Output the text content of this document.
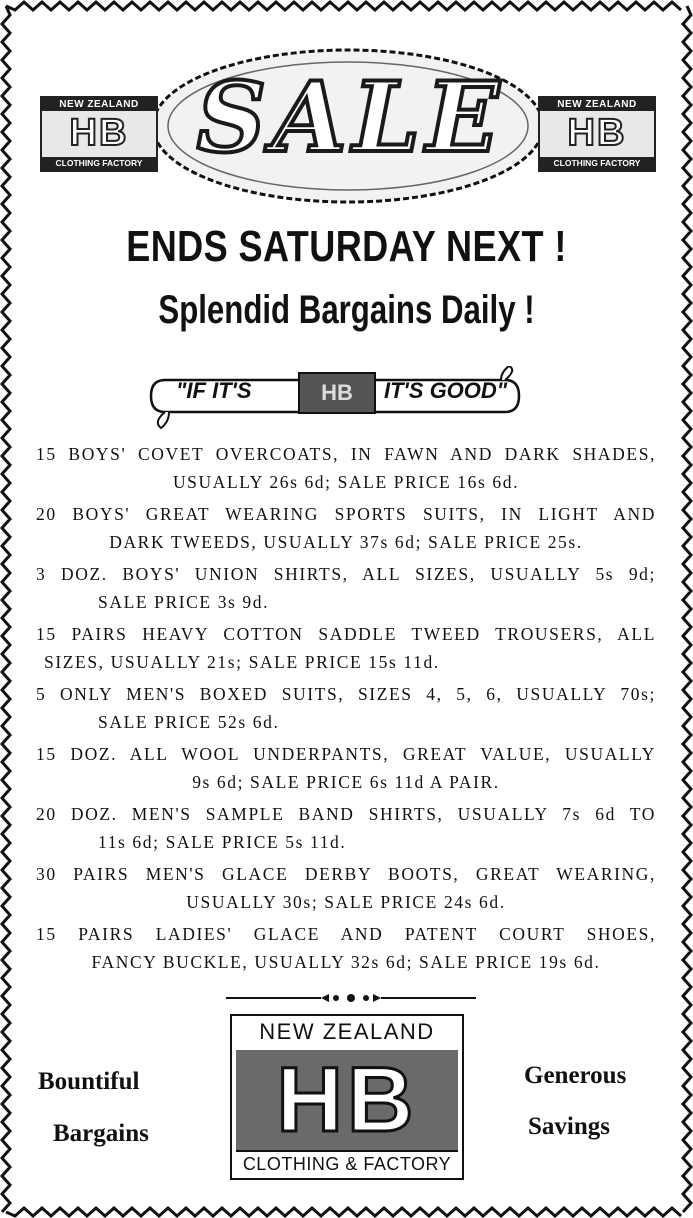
NEW ZEALAND
HB
CLOTHING FACTORY
NEW ZEALAND
HB
CLOTHING FACTORY
SALE
ENDS SATURDAY NEXT !
Splendid Bargains Daily !
"IF IT'S	HB	IT'S GOOD"
15 BOYS' COVET OVERCOATS, IN FAWN AND DARK SHADES,
USUALLY 26s 6d; SALE PRICE 16s 6d.
20 BOYS' GREAT WEARING SPORTS SUITS, IN LIGHT AND
DARK TWEEDS, USUALLY 37s 6d; SALE PRICE 25s.
3 DOZ. BOYS' UNION SHIRTS, ALL SIZES, USUALLY 5s 9d;
SALE PRICE 3s 9d.
15 PAIRS HEAVY COTTON SADDLE TWEED TROUSERS, ALL
SIZES, USUALLY 21s; SALE PRICE 15s 11d.
5 ONLY MEN'S BOXED SUITS, SIZES 4, 5, 6, USUALLY 70s;
SALE PRICE 52s 6d.
15 DOZ. ALL WOOL UNDERPANTS, GREAT VALUE, USUALLY
9s 6d; SALE PRICE 6s 11d A PAIR.
20 DOZ. MEN'S SAMPLE BAND SHIRTS, USUALLY 7s 6d TO
11s 6d; SALE PRICE 5s 11d.
30 PAIRS MEN'S GLACE DERBY BOOTS, GREAT WEARING,
USUALLY 30s; SALE PRICE 24s 6d.
15 PAIRS LADIES' GLACE AND PATENT COURT SHOES,
FANCY BUCKLE, USUALLY 32s 6d; SALE PRICE 19s 6d.
Bountiful
Bargains
Generous
Savings
NEW ZEALAND
HB
CLOTHING & FACTORY
